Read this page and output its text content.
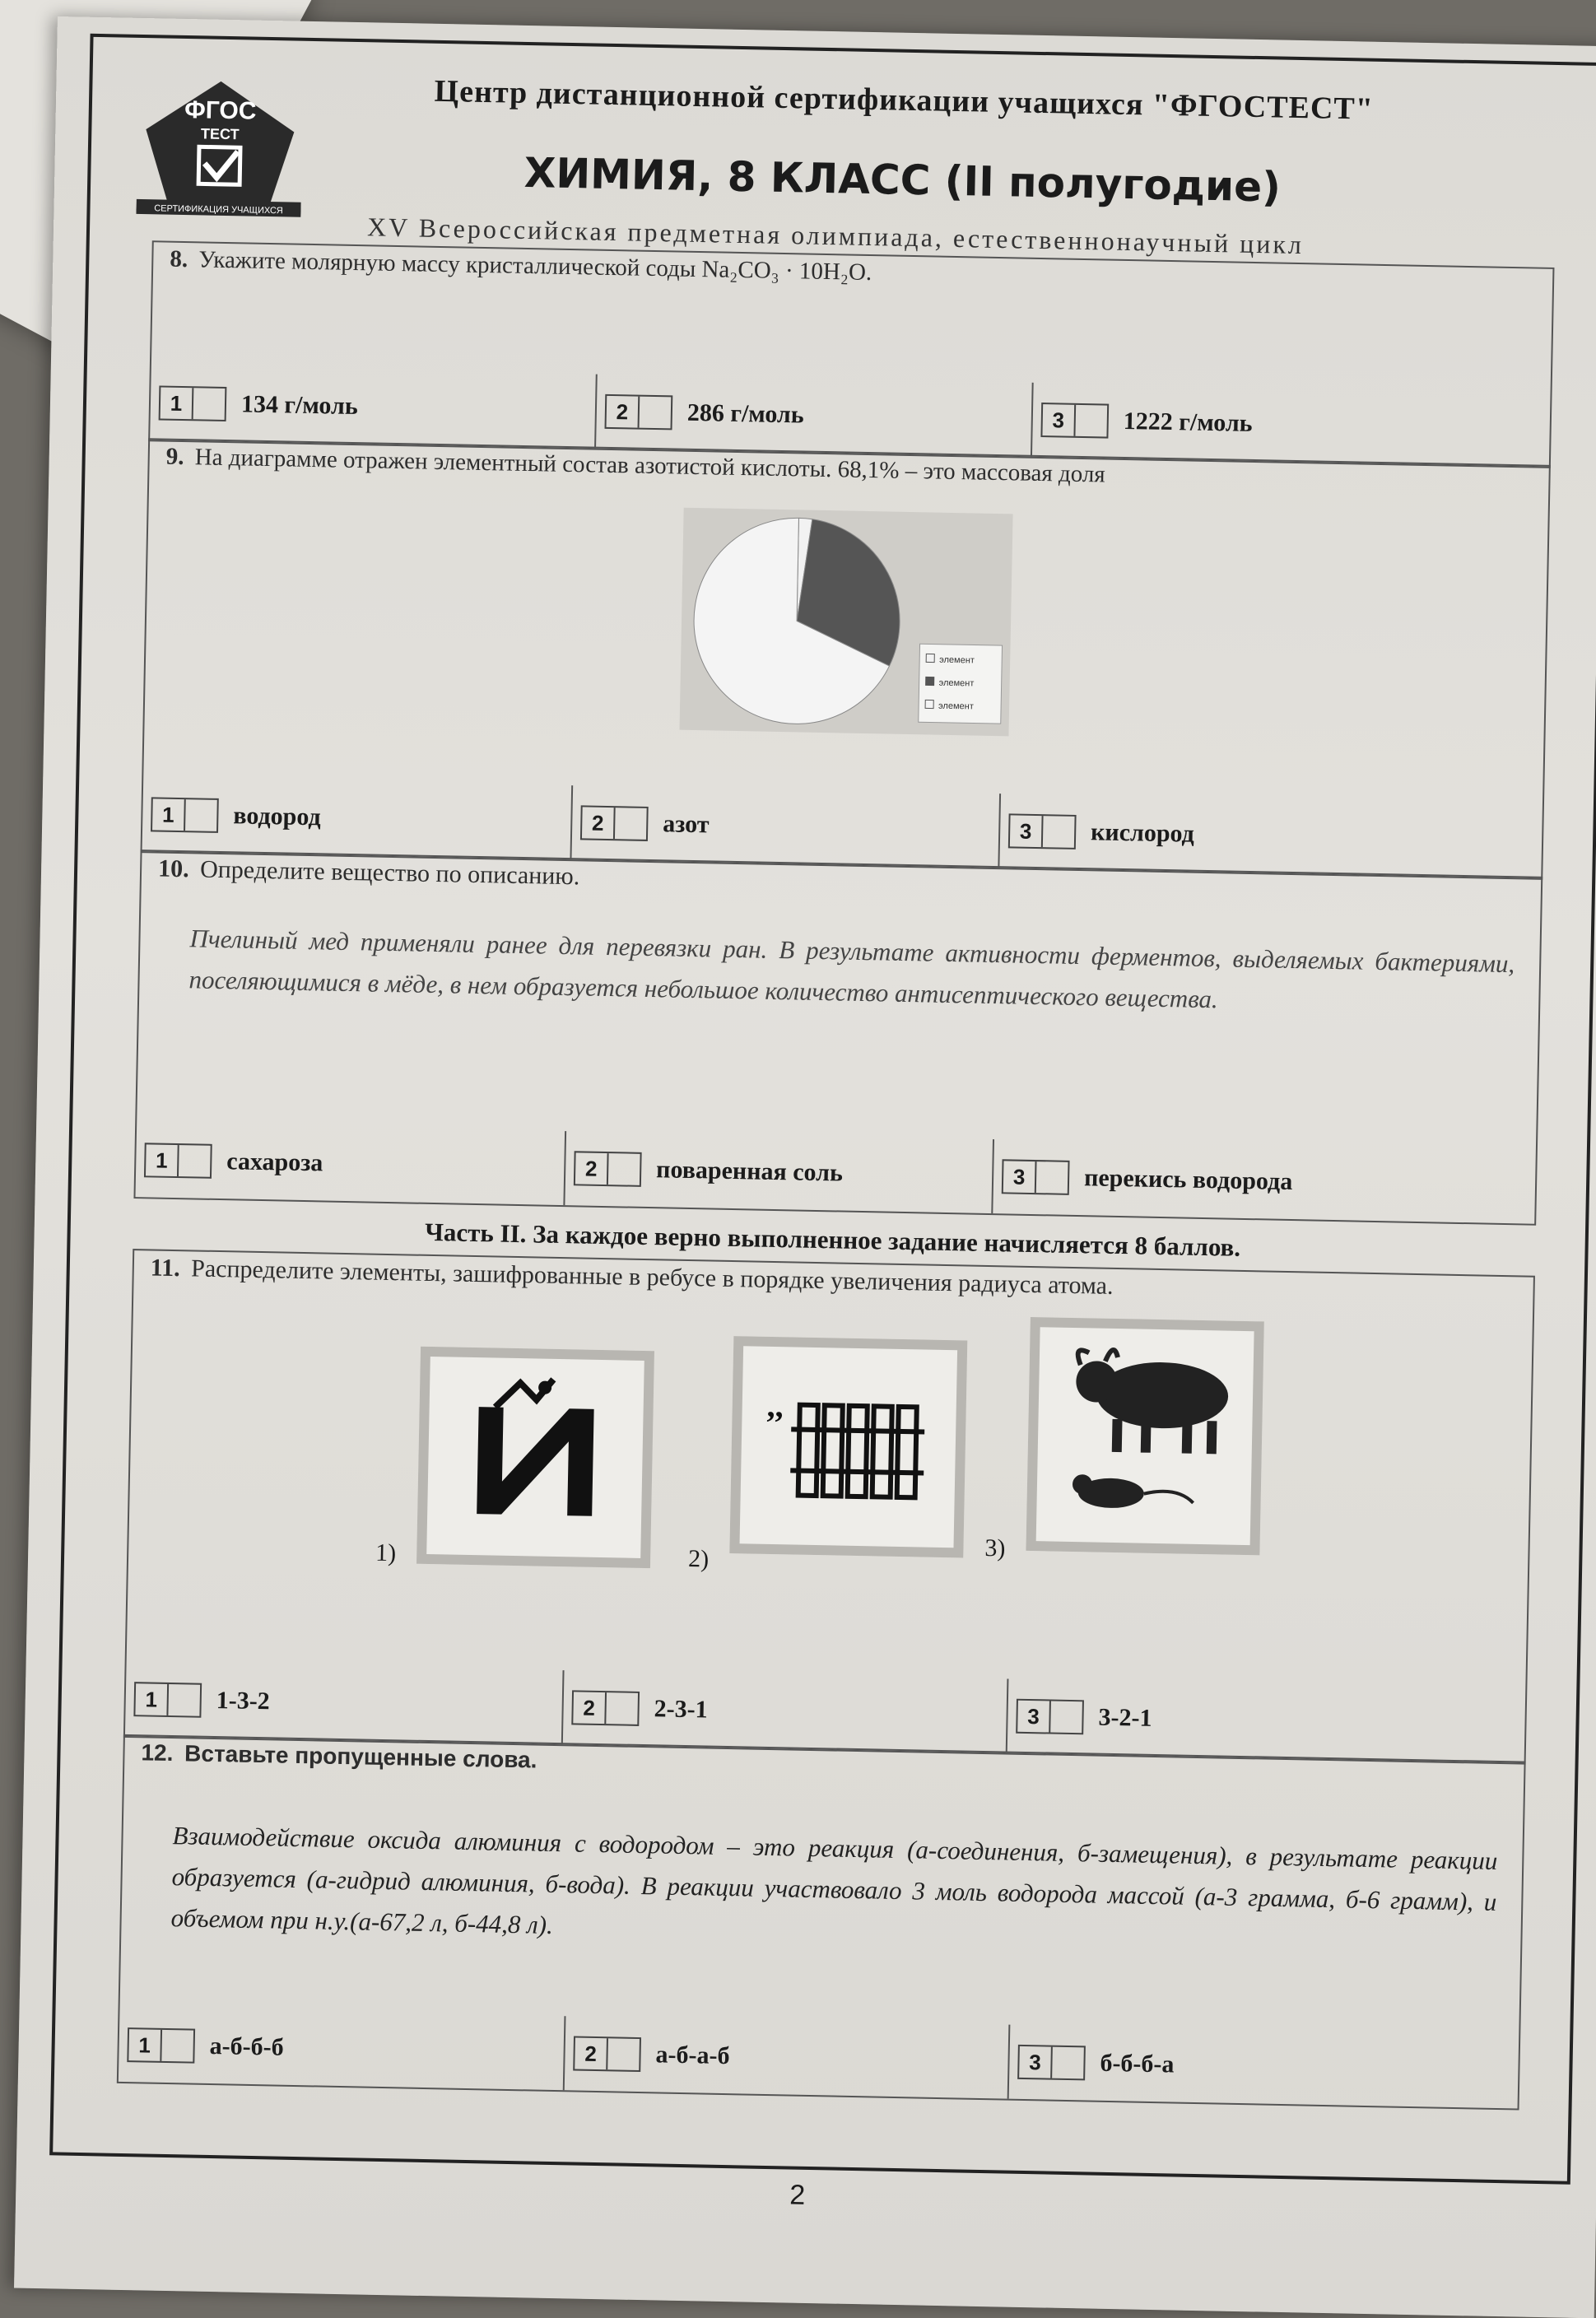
ФГОС
ТЕСТ
СЕРТИФИКАЦИЯ УЧАЩИХСЯ
Центр дистанционной сертификации учащихся "ФГОСТЕСТ"
ХИМИЯ, 8 КЛАСС (II полугодие)
XV Всероссийская предметная олимпиада, естественнонаучный цикл
8. Укажите молярную массу кристаллической соды Na₂CO₃ · 10H₂O.
1	134 г/моль	2	286 г/моль	3	1222 г/моль
9. На диаграмме отражен элементный состав азотистой кислоты. 68,1% – это массовая доля
элемент
элемент
элемент
1	водород	2	азот	3	кислород
10. Определите вещество по описанию.
Пчелиный мед применяли ранее для перевязки ран. В результате активности ферментов, выделяемых бактериями, поселяющимися в мёде, в нем образуется небольшое количество антисептического вещества.
1	сахароза	2	поваренная соль	3	перекись водорода
Часть II. За каждое верно выполненное задание начисляется 8 баллов.
11. Распределите элементы, зашифрованные в ребусе в порядке увеличения радиуса атома.
1)	2)
,,
3)
1	1-3-2	2	2-3-1	3	3-2-1
12. Вставьте пропущенные слова.
Взаимодействие оксида алюминия с водородом – это реакция (а-соединения, б-замещения), в результате реакции образуется (а-гидрид алюминия, б-вода). В реакции участвовало 3 моль водорода массой (а-3 грамма, б-6 грамм), и объемом при н.у.(а-67,2 л, б-44,8 л).
1	а-б-б-б	2	а-б-а-б	3	б-б-б-а
2
